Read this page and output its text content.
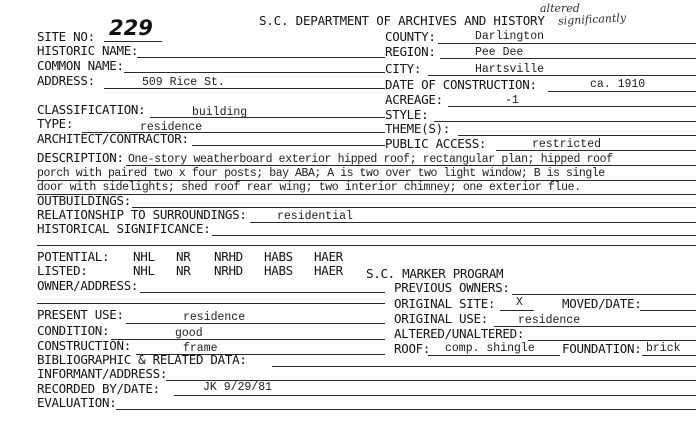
SITE NO: 229	S.C. DEPARTMENT OF ARCHIVES AND HISTORY
altered
significantly
HISTORIC NAME:
COMMON NAME:
ADDRESS:	509 Rice St.
CLASSIFICATION:	building
TYPE:	residence
ARCHITECT/CONTRACTOR:
COUNTY:	Darlington
REGION:	Pee Dee
CITY:	Hartsville
DATE OF CONSTRUCTION:	ca. 1910
ACREAGE:	-1
STYLE:
THEME(S):
PUBLIC ACCESS:	restricted
DESCRIPTION: One-story weatherboard exterior hipped roof; rectangular plan; hipped roof
porch with paired two x four posts; bay ABA; A is two over two light window; B is single
door with sidelights; shed roof rear wing; two interior chimney; one exterior flue.
OUTBUILDINGS:
RELATIONSHIP TO SURROUNDINGS:	residential
HISTORICAL SIGNIFICANCE:
POTENTIAL: NHL NR NRHD HABS HAER
LISTED:	NHL NR NRHD HABS HAER S.C. MARKER PROGRAM
OWNER/ADDRESS:	PREVIOUS OWNERS:
ORIGINAL SITE: X	MOVED/DATE:
PRESENT USE:	residence	ORIGINAL USE:	residence
CONDITION:	good	ALTERED/UNALTERED:
CONSTRUCTION:	frame	ROOF: comp. shingle FOUNDATION: brick
BIBLIOGRAPHIC & RELATED DATA:
INFORMANT/ADDRESS:
RECORDED BY/DATE:	JK 9/29/81
EVALUATION:
